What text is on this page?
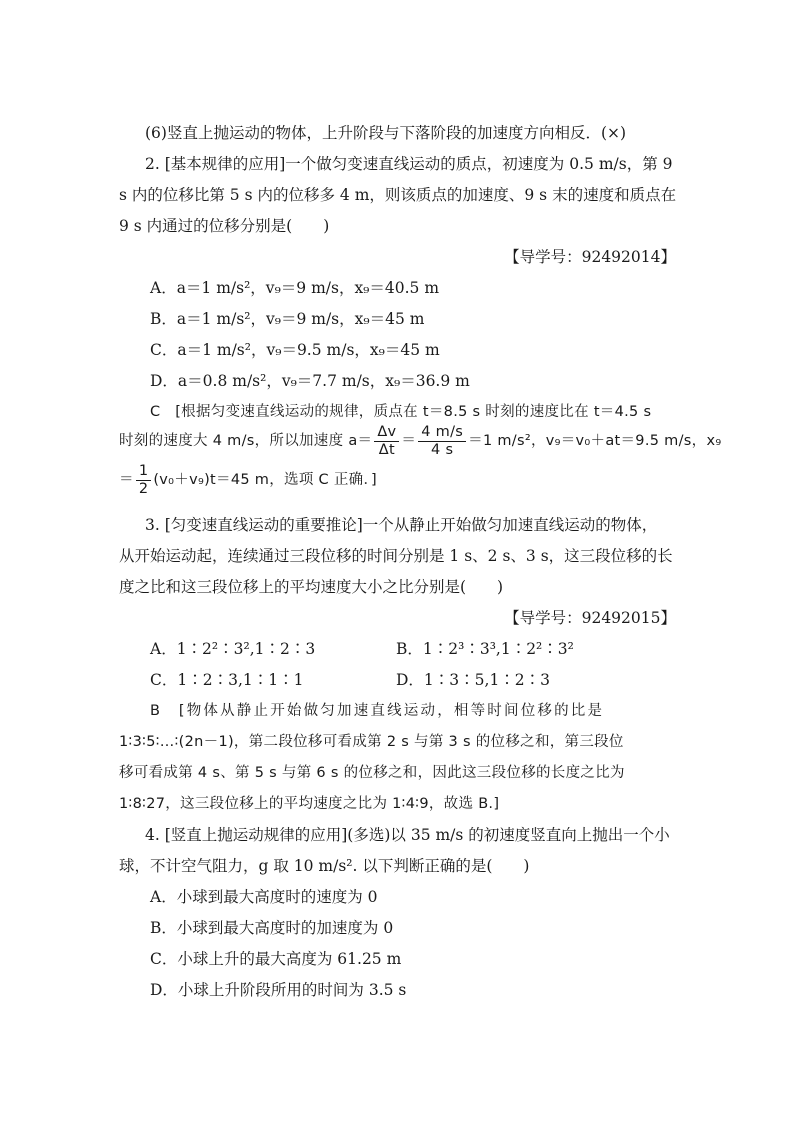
(6)竖直上抛运动的物体，上升阶段与下落阶段的加速度方向相反．(×)
2. [基本规律的应用]一个做匀变速直线运动的质点，初速度为 0.5 m/s，第 9
s 内的位移比第 5 s 内的位移多 4 m，则该质点的加速度、9 s 末的速度和质点在
9 s 内通过的位移分别是(　　)
【导学号：92492014】
A．a＝1 m/s²，v₉＝9 m/s，x₉＝40.5 m
B．a＝1 m/s²，v₉＝9 m/s，x₉＝45 m
C．a＝1 m/s²，v₉＝9.5 m/s，x₉＝45 m
D．a＝0.8 m/s²，v₉＝7.7 m/s，x₉＝36.9 m
C　[根据匀变速直线运动的规律，质点在 t＝8.5 s 时刻的速度比在 t＝4.5 s
时刻的速度大 4 m/s，所以加速度 $a= \frac{\Delta v}{\Delta t} = \frac{4 m/s}{4 s} =1$ m/s²，v₉＝v₀＋at＝9.5 m/s，x₉
＝ $\frac{1}{2} (v_0+v_9)t=45$ m，选项 C 正确．]
3. [匀变速直线运动的重要推论]一个从静止开始做匀加速直线运动的物体，
从开始运动起，连续通过三段位移的时间分别是 1 s、2 s、3 s，这三段位移的长
度之比和这三段位移上的平均速度大小之比分别是(　　)
【导学号：92492015】
A．1∶2²∶3²,1∶2∶3	B．1∶2³∶3³,1∶2²∶3²
C．1∶2∶3,1∶1∶1	D．1∶3∶5,1∶2∶3
B　[物体从静止开始做匀加速直线运动，相等时间位移的比是
1∶3∶5∶…∶(2n－1)，第二段位移可看成第 2 s 与第 3 s 的位移之和，第三段位
移可看成第 4 s、第 5 s 与第 6 s 的位移之和，因此这三段位移的长度之比为
1∶8∶27，这三段位移上的平均速度之比为 1∶4∶9，故选 B.]
4. [竖直上抛运动规律的应用](多选)以 35 m/s 的初速度竖直向上抛出一个小
球，不计空气阻力，g 取 10 m/s². 以下判断正确的是(　　)
A．小球到最大高度时的速度为 0
B．小球到最大高度时的加速度为 0
C．小球上升的最大高度为 61.25 m
D．小球上升阶段所用的时间为 3.5 s
